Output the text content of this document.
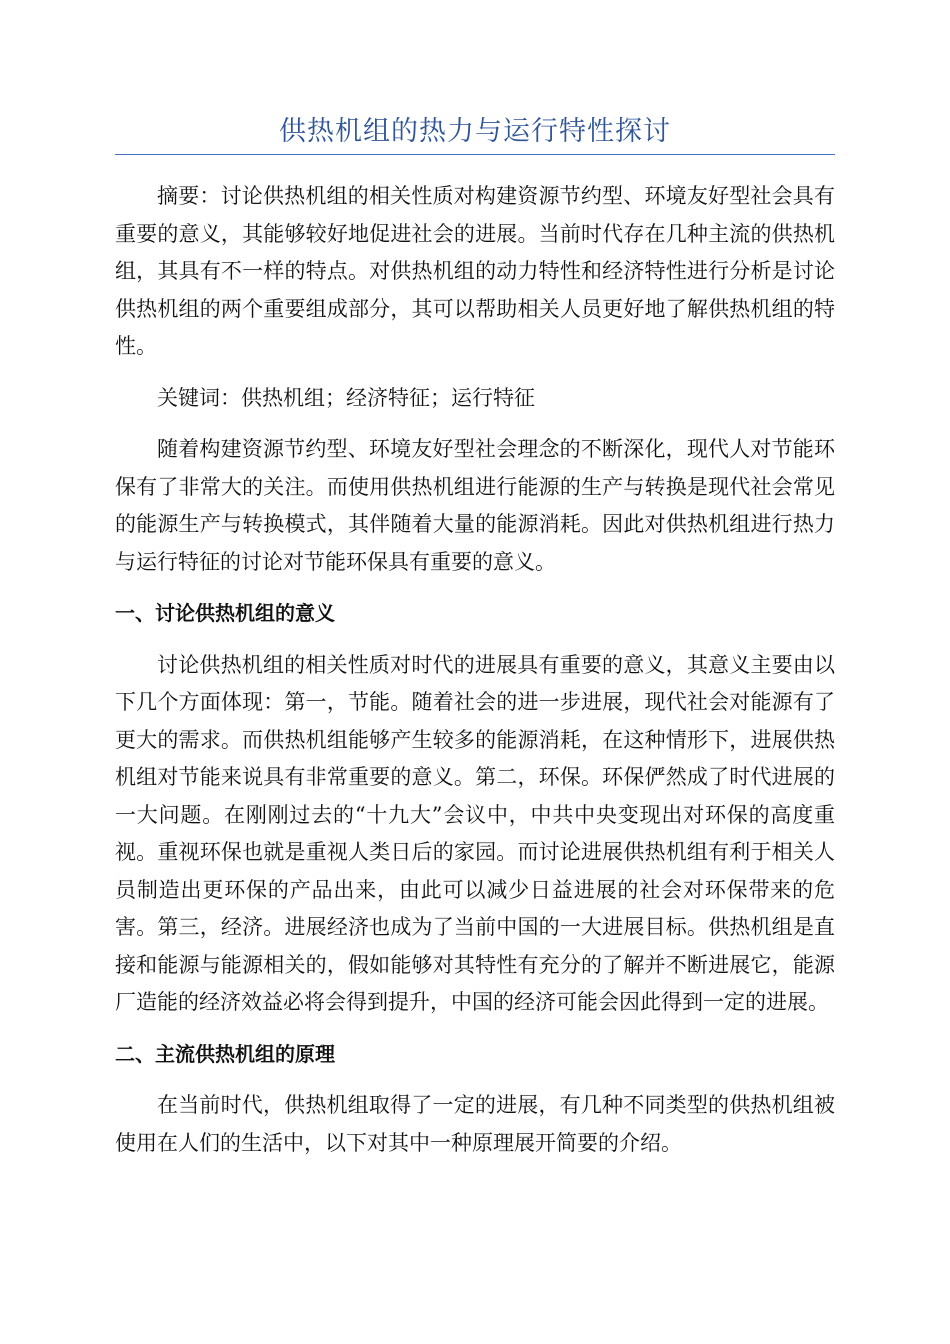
供热机组的热力与运行特性探讨

摘要：讨论供热机组的相关性质对构建资源节约型、环境友好型社会具有重要的意义，其能够较好地促进社会的进展。当前时代存在几种主流的供热机组，其具有不一样的特点。对供热机组的动力特性和经济特性进行分析是讨论供热机组的两个重要组成部分，其可以帮助相关人员更好地了解供热机组的特性。

关键词：供热机组；经济特征；运行特征

随着构建资源节约型、环境友好型社会理念的不断深化，现代人对节能环保有了非常大的关注。而使用供热机组进行能源的生产与转换是现代社会常见的能源生产与转换模式，其伴随着大量的能源消耗。因此对供热机组进行热力与运行特征的讨论对节能环保具有重要的意义。

一、讨论供热机组的意义

讨论供热机组的相关性质对时代的进展具有重要的意义，其意义主要由以下几个方面体现：第一，节能。随着社会的进一步进展，现代社会对能源有了更大的需求。而供热机组能够产生较多的能源消耗，在这种情形下，进展供热机组对节能来说具有非常重要的意义。第二，环保。环保俨然成了时代进展的一大问题。在刚刚过去的“十九大”会议中，中共中央变现出对环保的高度重视。重视环保也就是重视人类日后的家园。而讨论进展供热机组有利于相关人员制造出更环保的产品出来，由此可以减少日益进展的社会对环保带来的危害。第三，经济。进展经济也成为了当前中国的一大进展目标。供热机组是直接和能源与能源相关的，假如能够对其特性有充分的了解并不断进展它，能源厂造能的经济效益必将会得到提升，中国的经济可能会因此得到一定的进展。

二、主流供热机组的原理

在当前时代，供热机组取得了一定的进展，有几种不同类型的供热机组被使用在人们的生活中，以下对其中一种原理展开简要的介绍。
